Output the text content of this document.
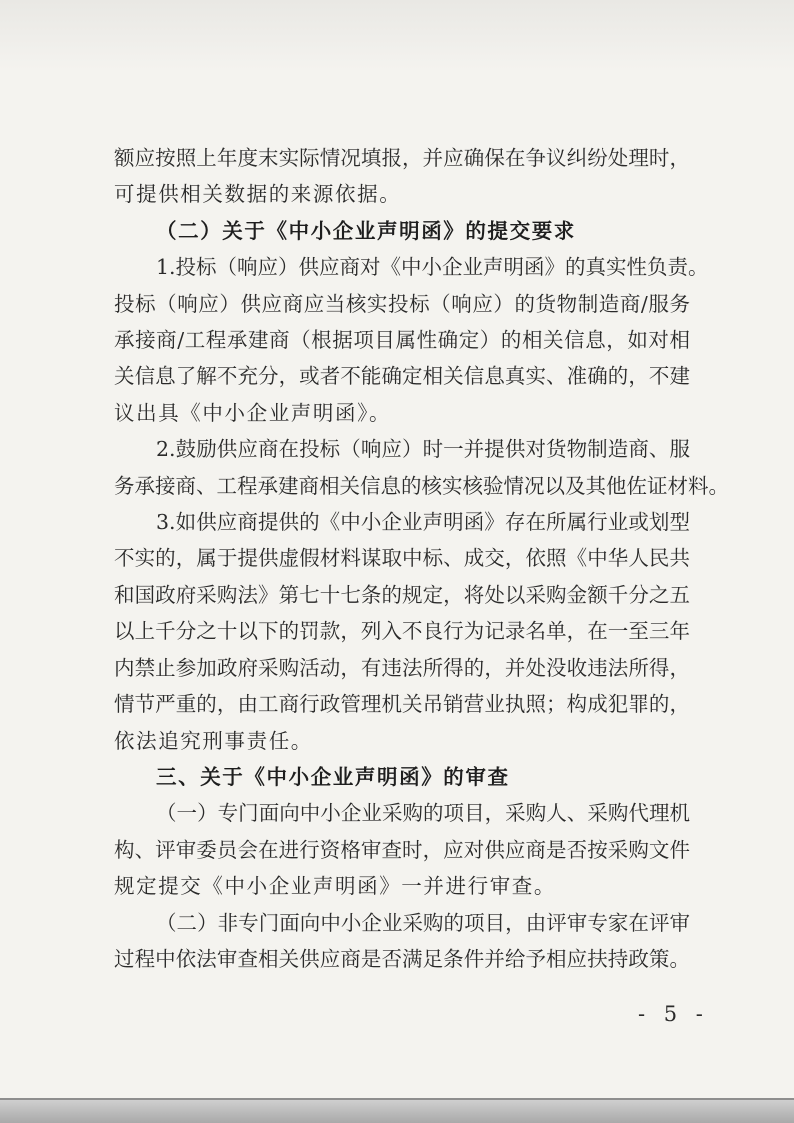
额应按照上年度末实际情况填报，并应确保在争议纠纷处理时，
可提供相关数据的来源依据。
（二）关于《中小企业声明函》的提交要求
1.投标（响应）供应商对《中小企业声明函》的真实性负责。
投标（响应）供应商应当核实投标（响应）的货物制造商/服务
承接商/工程承建商（根据项目属性确定）的相关信息，如对相
关信息了解不充分，或者不能确定相关信息真实、准确的，不建
议出具《中小企业声明函》。
2.鼓励供应商在投标（响应）时一并提供对货物制造商、服
务承接商、工程承建商相关信息的核实核验情况以及其他佐证材料。
3.如供应商提供的《中小企业声明函》存在所属行业或划型
不实的，属于提供虚假材料谋取中标、成交，依照《中华人民共
和国政府采购法》第七十七条的规定，将处以采购金额千分之五
以上千分之十以下的罚款，列入不良行为记录名单，在一至三年
内禁止参加政府采购活动，有违法所得的，并处没收违法所得，
情节严重的，由工商行政管理机关吊销营业执照；构成犯罪的，
依法追究刑事责任。
三、关于《中小企业声明函》的审查
（一）专门面向中小企业采购的项目，采购人、采购代理机
构、评审委员会在进行资格审查时，应对供应商是否按采购文件
规定提交《中小企业声明函》一并进行审查。
（二）非专门面向中小企业采购的项目，由评审专家在评审
过程中依法审查相关供应商是否满足条件并给予相应扶持政策。
- 5 -
